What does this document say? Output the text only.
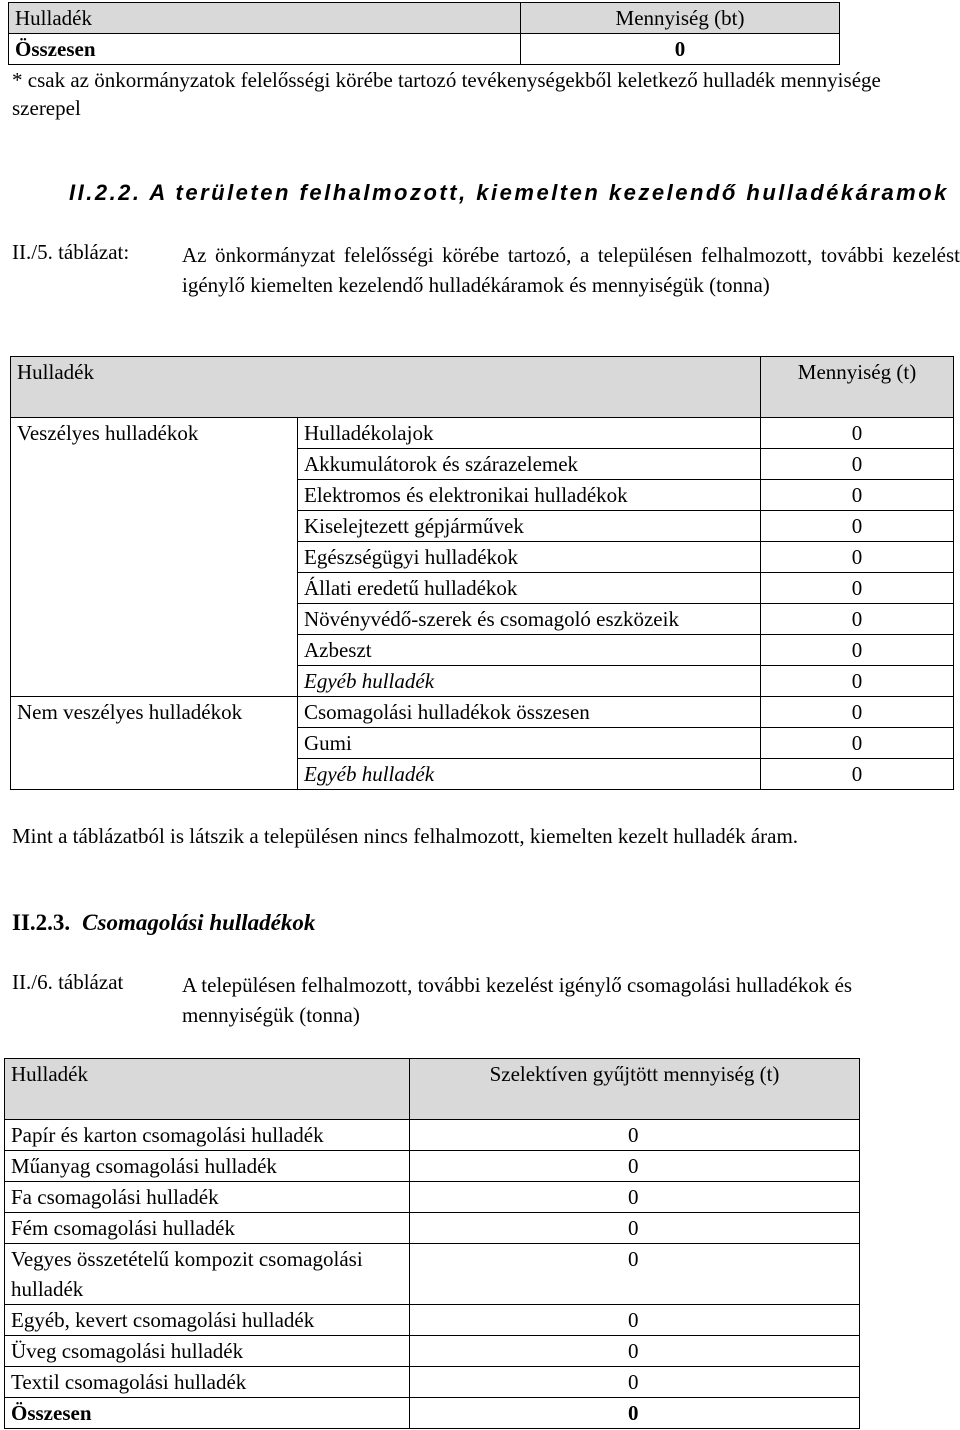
Hulladék	Mennyiség (bt)
Összesen	0

* csak az önkormányzatok felelősségi körébe tartozó tevékenységekből keletkező hulladék mennyisége szerepel

II.2.2. A területen felhalmozott, kiemelten kezelendő hulladékáramok

II./5. táblázat:	Az önkormányzat felelősségi körébe tartozó, a településen felhalmozott, további kezelést igénylő kiemelten kezelendő hulladékáramok és mennyiségük (tonna)

Hulladék		Mennyiség (t)
Veszélyes hulladékok	Hulladékolajok	0
	Akkumulátorok és szárazelemek	0
	Elektromos és elektronikai hulladékok	0
	Kiselejtezett gépjárművek	0
	Egészségügyi hulladékok	0
	Állati eredetű hulladékok	0
	Növényvédő-szerek és csomagoló eszközeik	0
	Azbeszt	0
	Egyéb hulladék	0
Nem veszélyes hulladékok	Csomagolási hulladékok összesen	0
	Gumi	0
	Egyéb hulladék	0

Mint a táblázatból is látszik a településen nincs felhalmozott, kiemelten kezelt hulladék áram.

II.2.3. Csomagolási hulladékok

II./6. táblázat	A településen felhalmozott, további kezelést igénylő csomagolási hulladékok és mennyiségük (tonna)

Hulladék	Szelektíven gyűjtött mennyiség (t)
Papír és karton csomagolási hulladék	0
Műanyag csomagolási hulladék	0
Fa csomagolási hulladék	0
Fém csomagolási hulladék	0
Vegyes összetételű kompozit csomagolási hulladék	0
Egyéb, kevert csomagolási hulladék	0
Üveg csomagolási hulladék	0
Textil csomagolási hulladék	0
Összesen	0
